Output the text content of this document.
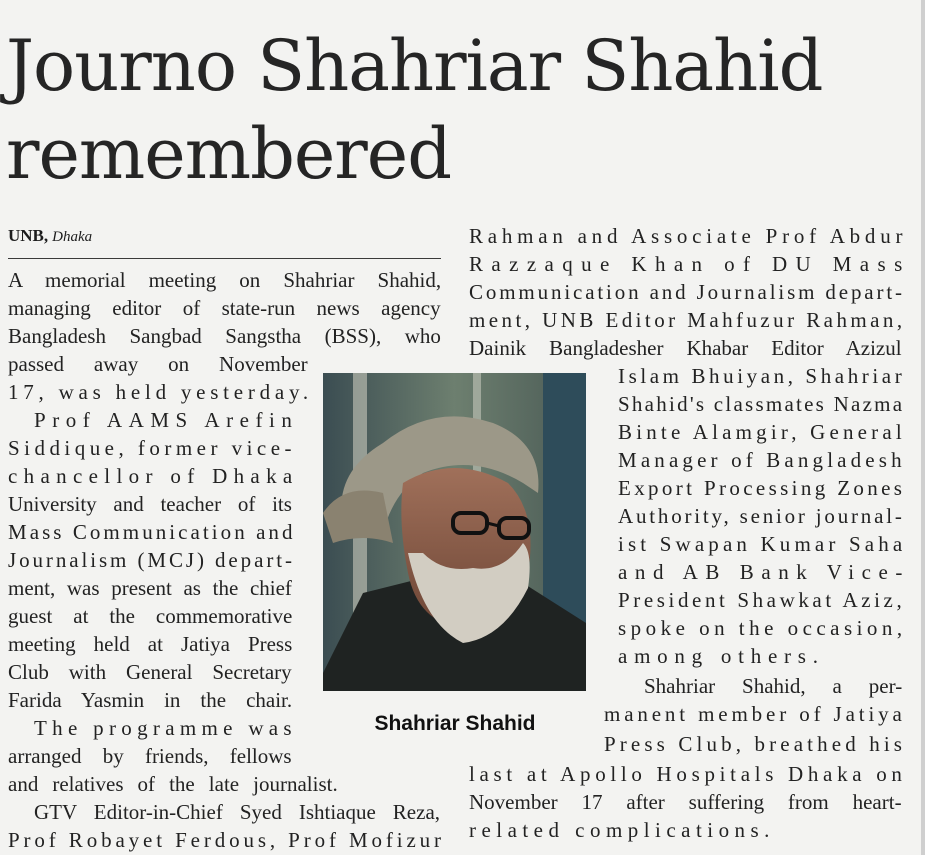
Journo Shahriar Shahid
remembered
UNB, Dhaka
A memorial meeting on Shahriar Shahid,
managing editor of state-run news agency
Bangladesh Sangbad Sangstha (BSS), who
passed away on November
17, was held yesterday.
Prof AAMS Arefin
Siddique, former vice-
chancellor of Dhaka
University and teacher of its
Mass Communication and
Journalism (MCJ) depart-
ment, was present as the chief
guest at the commemorative
meeting held at Jatiya Press
Club with General Secretary
Farida Yasmin in the chair.
The programme was
arranged by friends, fellows
and relatives of the late journalist.
GTV Editor-in-Chief Syed Ishtiaque Reza,
Prof Robayet Ferdous, Prof Mofizur
Rahman and Associate Prof Abdur
Razzaque Khan of DU Mass
Communication and Journalism depart-
ment, UNB Editor Mahfuzur Rahman,
Dainik Bangladesher Khabar Editor Azizul
Islam Bhuiyan, Shahriar
Shahid's classmates Nazma
Binte Alamgir, General
Manager of Bangladesh
Export Processing Zones
Authority, senior journal-
ist Swapan Kumar Saha
and AB Bank Vice-
President Shawkat Aziz,
spoke on the occasion,
among others.
Shahriar Shahid, a per-
manent member of Jatiya
Press Club, breathed his
last at Apollo Hospitals Dhaka on
November 17 after suffering from heart-
related complications.
Shahriar Shahid
